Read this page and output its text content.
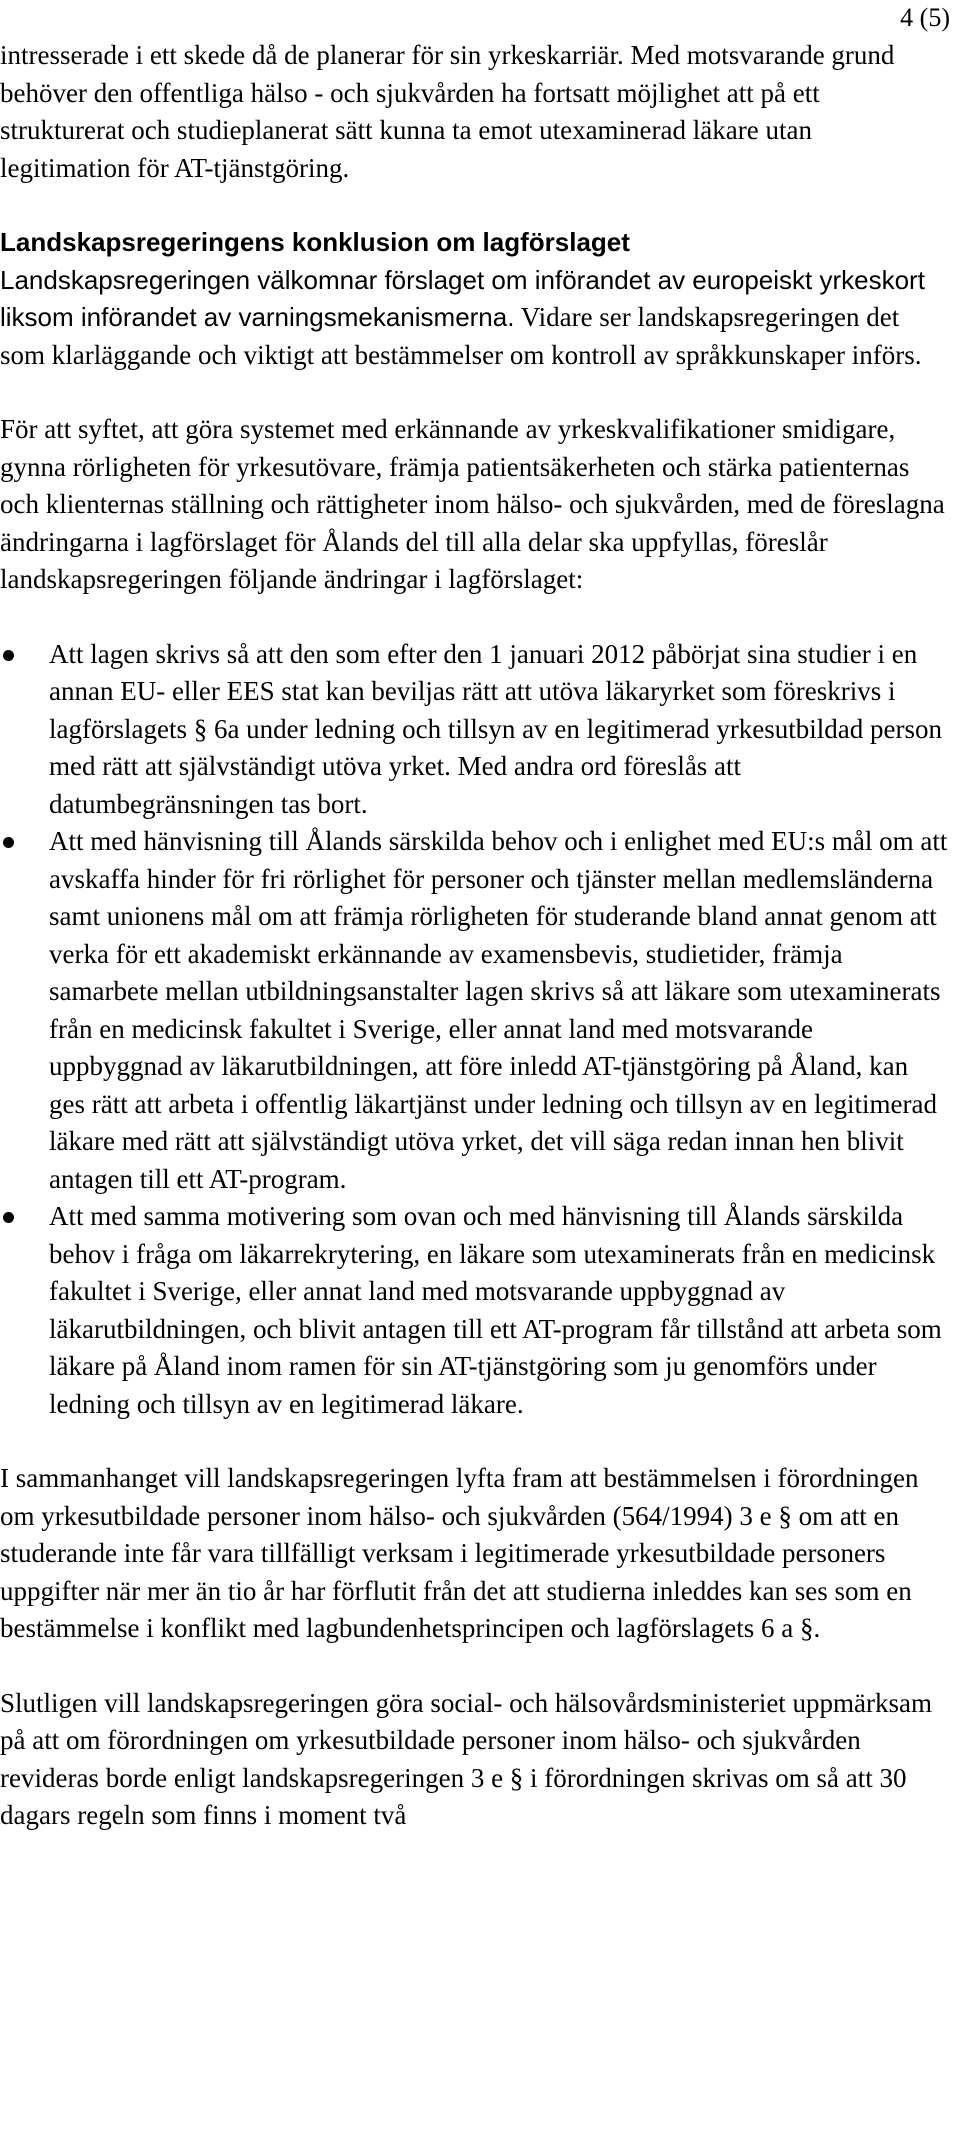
4 (5)

intresserade i ett skede då de planerar för sin yrkeskarriär. Med motsvarande grund behöver den offentliga hälso - och sjukvården ha fortsatt möjlighet att på ett strukturerat och studieplanerat sätt kunna ta emot utexaminerad läkare utan legitimation för AT-tjänstgöring.

Landskapsregeringens konklusion om lagförslaget

Landskapsregeringen välkomnar förslaget om införandet av europeiskt yrkeskort liksom införandet av varningsmekanismerna. Vidare ser landskapsregeringen det som klarläggande och viktigt att bestämmelser om kontroll av språkkunskaper införs.

För att syftet, att göra systemet med erkännande av yrkeskvalifikationer smidigare, gynna rörligheten för yrkesutövare, främja patientsäkerheten och stärka patienternas och klienternas ställning och rättigheter inom hälso- och sjukvården, med de föreslagna ändringarna i lagförslaget för Ålands del till alla delar ska uppfyllas, föreslår landskapsregeringen följande ändringar i lagförslaget:

Att lagen skrivs så att den som efter den 1 januari 2012 påbörjat sina studier i en annan EU- eller EES stat kan beviljas rätt att utöva läkaryrket som föreskrivs i lagförslagets § 6a under ledning och tillsyn av en legitimerad yrkesutbildad person med rätt att självständigt utöva yrket. Med andra ord föreslås att datumbegränsningen tas bort.
Att med hänvisning till Ålands särskilda behov och i enlighet med EU:s mål om att avskaffa hinder för fri rörlighet för personer och tjänster mellan medlemsländerna samt unionens mål om att främja rörligheten för studerande bland annat genom att verka för ett akademiskt erkännande av examensbevis, studietider, främja samarbete mellan utbildningsanstalter lagen skrivs så att läkare som utexaminerats från en medicinsk fakultet i Sverige, eller annat land med motsvarande uppbyggnad av läkarutbildningen, att före inledd AT-tjänstgöring på Åland, kan ges rätt att arbeta i offentlig läkartjänst under ledning och tillsyn av en legitimerad läkare med rätt att självständigt utöva yrket, det vill säga redan innan hen blivit antagen till ett AT-program.
Att med samma motivering som ovan och med hänvisning till Ålands särskilda behov i fråga om läkarrekrytering, en läkare som utexaminerats från en medicinsk fakultet i Sverige, eller annat land med motsvarande uppbyggnad av läkarutbildningen, och blivit antagen till ett AT-program får tillstånd att arbeta som läkare på Åland inom ramen för sin AT-tjänstgöring som ju genomförs under ledning och tillsyn av en legitimerad läkare.

I sammanhanget vill landskapsregeringen lyfta fram att bestämmelsen i förordningen om yrkesutbildade personer inom hälso- och sjukvården (564/1994) 3 e § om att en studerande inte får vara tillfälligt verksam i legitimerade yrkesutbildade personers uppgifter när mer än tio år har förflutit från det att studierna inleddes kan ses som en bestämmelse i konflikt med lagbundenhetsprincipen och lagförslagets 6 a §.

Slutligen vill landskapsregeringen göra social- och hälsovårdsministeriet uppmärksam på att om förordningen om yrkesutbildade personer inom hälso- och sjukvården revideras borde enligt landskapsregeringen 3 e § i förordningen skrivas om så att 30 dagars regeln som finns i moment två
